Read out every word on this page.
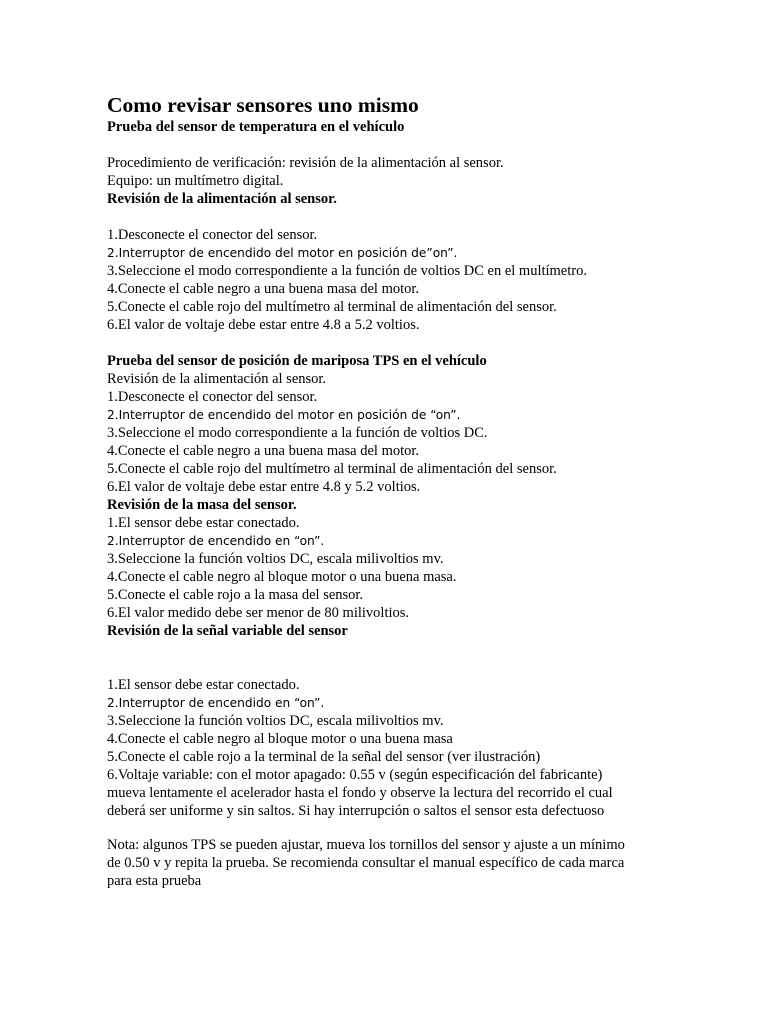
Como revisar sensores uno mismo

Prueba del sensor de temperatura en el vehículo

Procedimiento de verificación: revisión de la alimentación al sensor.

Equipo: un multímetro digital.

Revisión de la alimentación al sensor.

1.Desconecte el conector del sensor.

2.Interruptor de encendido del motor en posición de”on”.

3.Seleccione el modo correspondiente a la función de voltios DC en el multímetro.

4.Conecte el cable negro a una buena masa del motor.

5.Conecte el cable rojo del multímetro al terminal de alimentación del sensor.

6.El valor de voltaje debe estar entre 4.8 a 5.2 voltios.

Prueba del sensor de posición de mariposa TPS en el vehículo

Revisión de la alimentación al sensor.

1.Desconecte el conector del sensor.

2.Interruptor de encendido del motor en posición de “on”.

3.Seleccione el modo correspondiente a la función de voltios DC.

4.Conecte el cable negro a una buena masa del motor.

5.Conecte el cable rojo del multímetro al terminal de alimentación del sensor.

6.El valor de voltaje debe estar entre 4.8 y 5.2 voltios.

Revisión de la masa del sensor.

1.El sensor debe estar conectado.

2.Interruptor de encendido en “on”.

3.Seleccione la función voltios DC, escala milivoltios mv.

4.Conecte el cable negro al bloque motor o una buena masa.

5.Conecte el cable rojo a la masa del sensor.

6.El valor medido debe ser menor de 80 milivoltios.

Revisión de la señal variable del sensor

1.El sensor debe estar conectado.

2.Interruptor de encendido en “on”.

3.Seleccione la función voltios DC, escala milivoltios mv.

4.Conecte el cable negro al bloque motor o una buena masa

5.Conecte el cable rojo a la terminal de la señal del sensor (ver ilustración)

6.Voltaje variable: con el motor apagado: 0.55 v (según especificación del fabricante)

mueva lentamente el acelerador hasta el fondo y observe la lectura del recorrido el cual

deberá ser uniforme y sin saltos. Si hay interrupción o saltos el sensor esta defectuoso

Nota: algunos TPS se pueden ajustar, mueva los tornillos del sensor y ajuste a un mínimo

de 0.50 v y repita la prueba. Se recomienda consultar el manual específico de cada marca

para esta prueba
